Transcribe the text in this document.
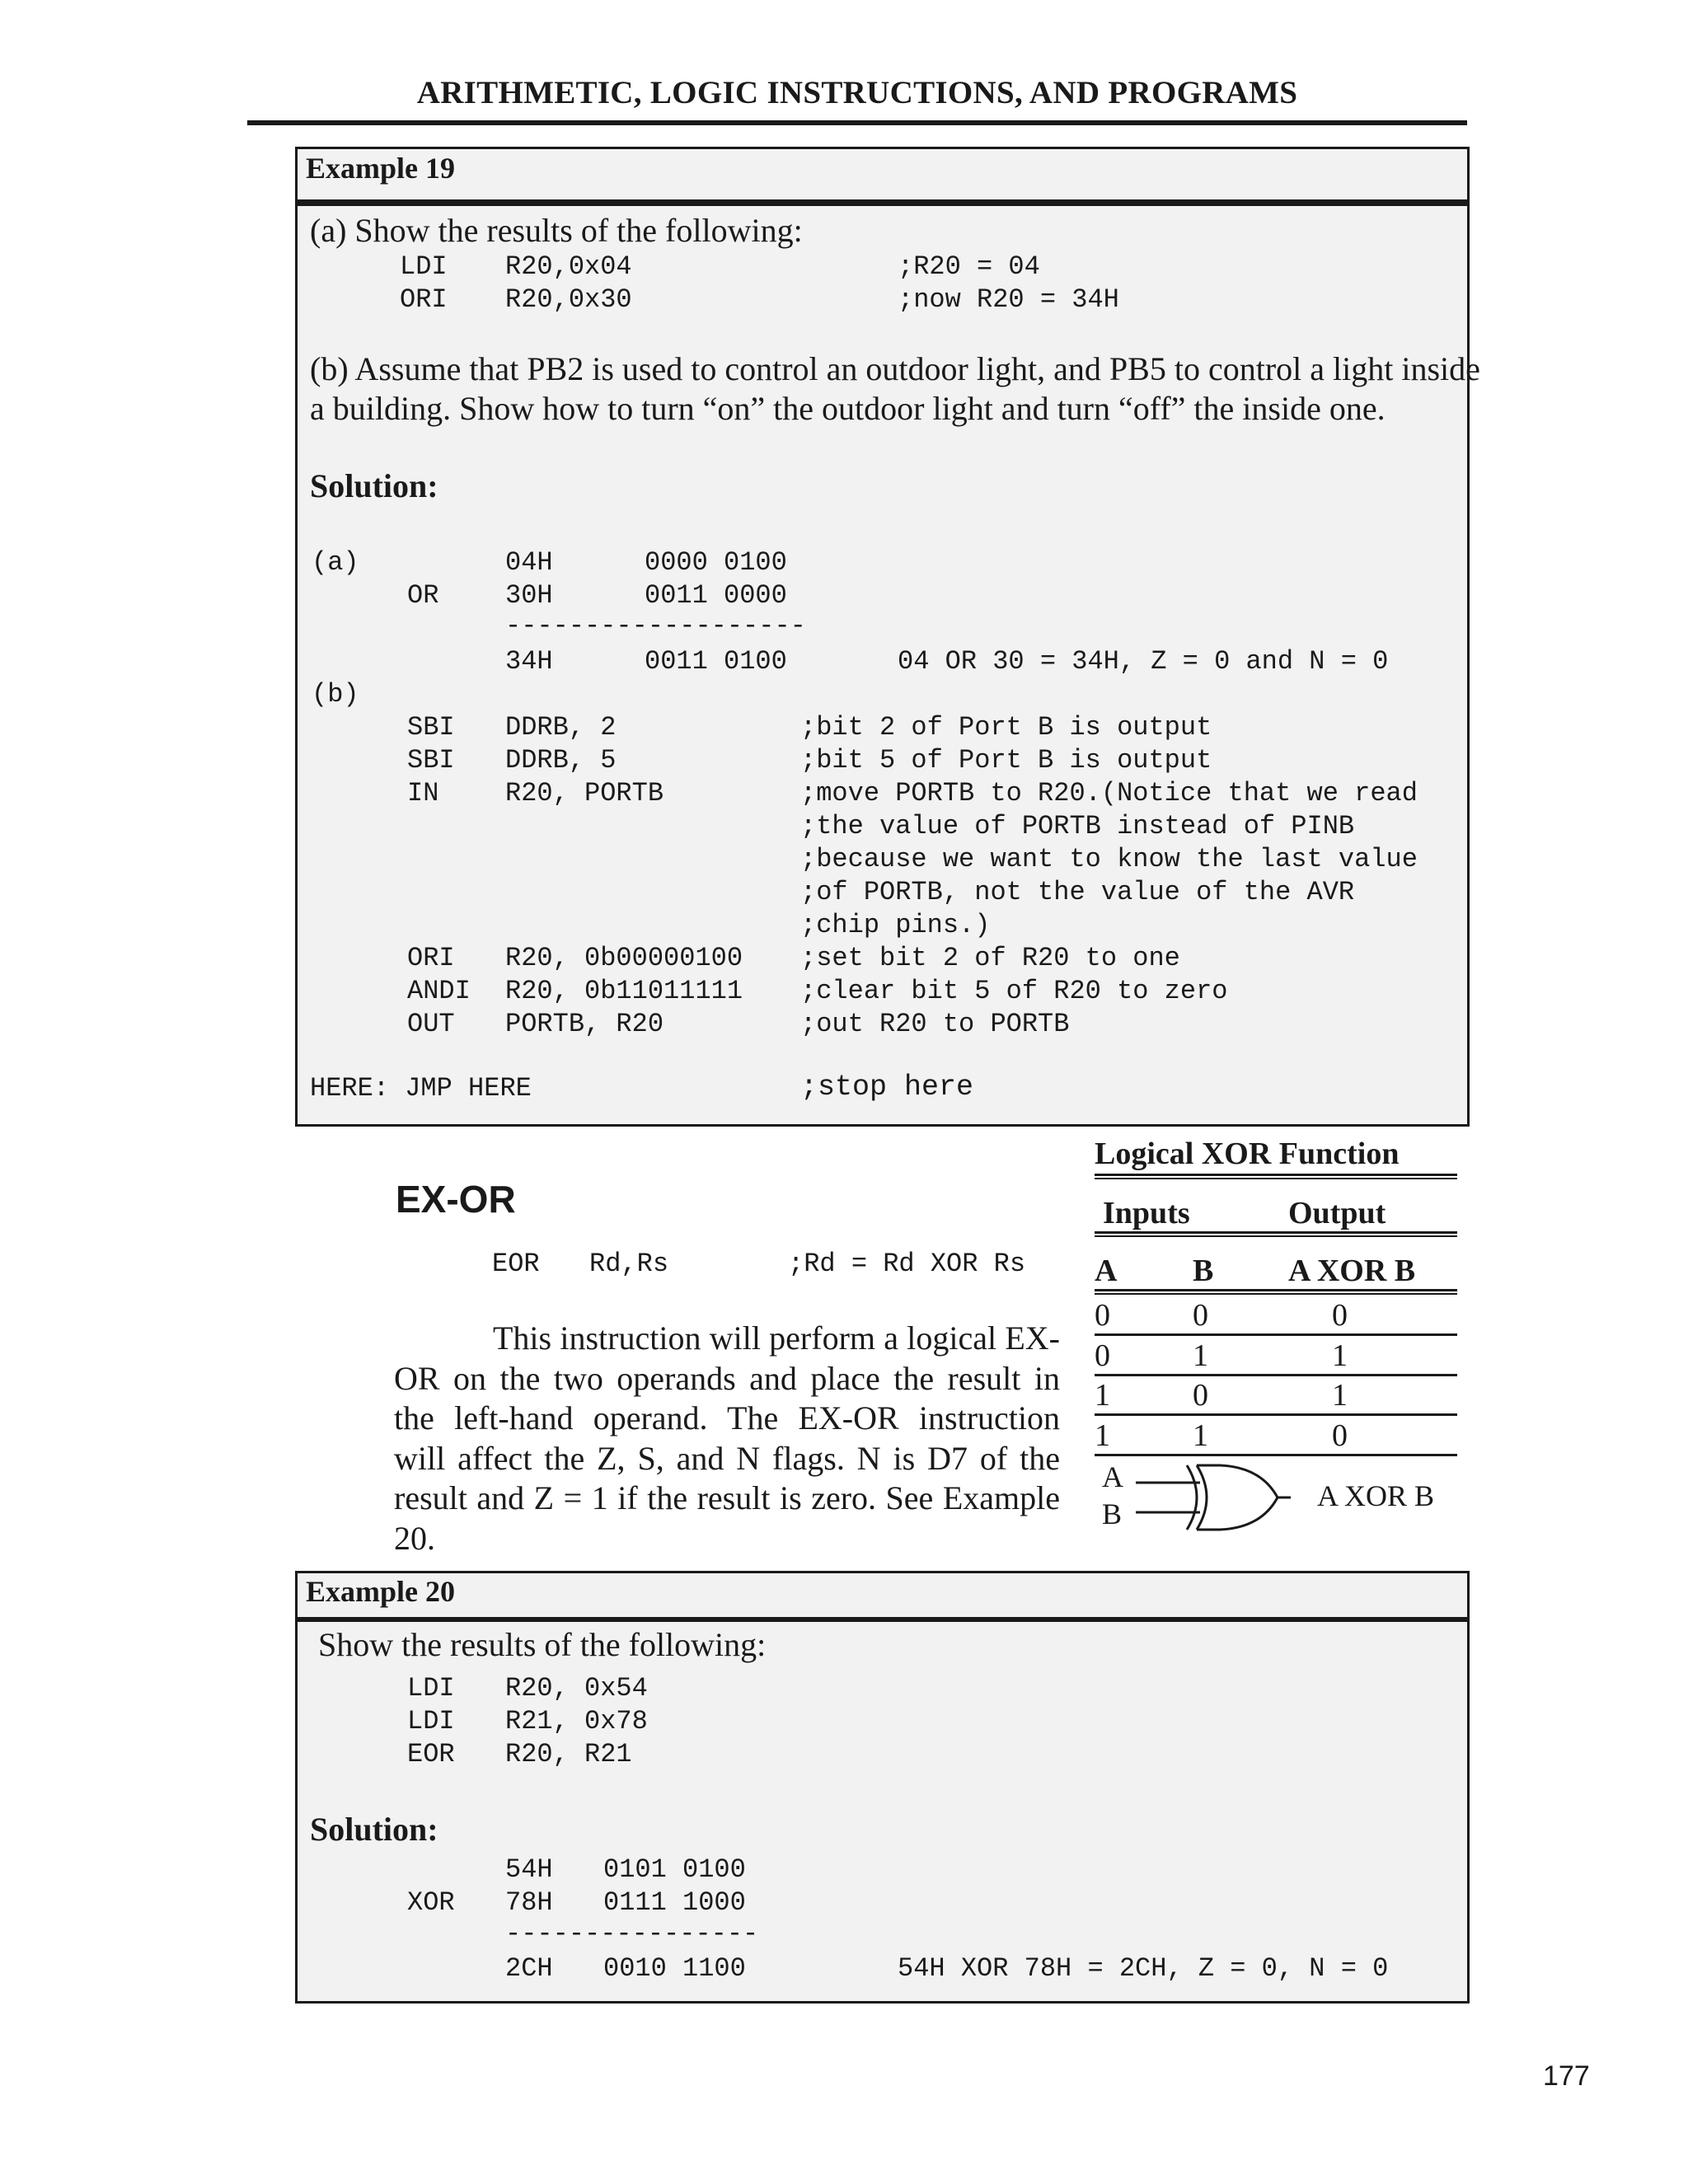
ARITHMETIC, LOGIC INSTRUCTIONS, AND PROGRAMS
Example 19
(a) Show the results of the following:
LDI R20,0x04	;R20 = 04
ORI R20,0x30	;now R20 = 34H
(b) Assume that PB2 is used to control an outdoor light, and PB5 to control a light inside
a building. Show how to turn “on” the outdoor light and turn “off” the inside one.
Solution:
(a)	04H	0000 0100
OR	30H	0011 0000
-------------------
34H	0011 0100	04 OR 30 = 34H, Z = 0 and N = 0
(b)
SBI DDRB, 2	;bit 2 of Port B is output
SBI DDRB, 5	;bit 5 of Port B is output
IN	R20, PORTB	;move PORTB to R20.(Notice that we read
;the value of PORTB instead of PINB
;because we want to know the last value
;of PORTB, not the value of the AVR
;chip pins.)
ORI R20, 0b00000100 ;set bit 2 of R20 to one
ANDI R20, 0b11011111 ;clear bit 5 of R20 to zero
OUT PORTB, R20	;out R20 to PORTB
HERE: JMP HERE	;stop here
EX-OR
EOR Rd,Rs	;Rd = Rd XOR Rs
This instruction will perform a logical EX-OR on the two operands and place the result in the left-hand operand. The EX-OR instruction will affect the Z, S, and N flags. N is D7 of the result and Z = 1 if the result is zero. See Example 20.
Logical XOR Function
Inputs	Output
A B A XOR B
0	0	0
0	1	1
1	0	1
1	1	0
A
B
A XOR B
Example 20
Show the results of the following:
LDI R20, 0x54
LDI R21, 0x78
EOR R20, R21
Solution:
54H 0101 0100
XOR 78H 0111 1000
----------------
2CH 0010 1100	54H XOR 78H = 2CH, Z = 0, N = 0
177
